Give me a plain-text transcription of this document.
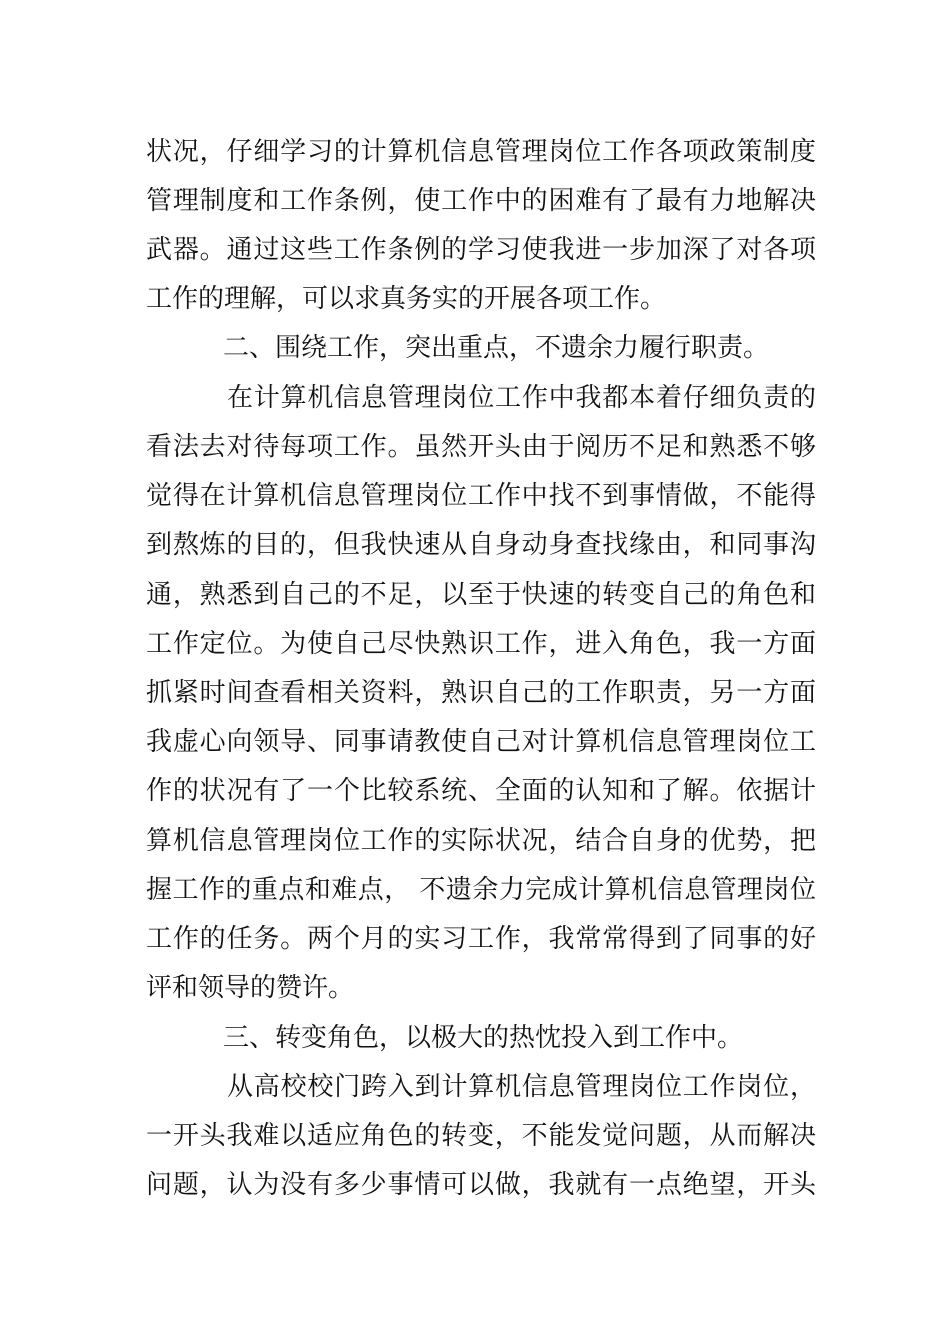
状况，仔细学习的计算机信息管理岗位工作各项政策制度
管理制度和工作条例，使工作中的困难有了最有力地解决
武器。通过这些工作条例的学习使我进一步加深了对各项
工作的理解，可以求真务实的开展各项工作。
二、围绕工作，突出重点，不遗余力履行职责。
在计算机信息管理岗位工作中我都本着仔细负责的
看法去对待每项工作。虽然开头由于阅历不足和熟悉不够
觉得在计算机信息管理岗位工作中找不到事情做，不能得
到熬炼的目的，但我快速从自身动身查找缘由，和同事沟
通，熟悉到自己的不足，以至于快速的转变自己的角色和
工作定位。为使自己尽快熟识工作，进入角色，我一方面
抓紧时间查看相关资料，熟识自己的工作职责，另一方面
我虚心向领导、同事请教使自己对计算机信息管理岗位工
作的状况有了一个比较系统、全面的认知和了解。依据计
算机信息管理岗位工作的实际状况，结合自身的优势，把
握工作的重点和难点， 不遗余力完成计算机信息管理岗位
工作的任务。两个月的实习工作，我常常得到了同事的好
评和领导的赞许。
三、转变角色，以极大的热忱投入到工作中。
从高校校门跨入到计算机信息管理岗位工作岗位，
一开头我难以适应角色的转变，不能发觉问题，从而解决
问题，认为没有多少事情可以做，我就有一点绝望，开头
